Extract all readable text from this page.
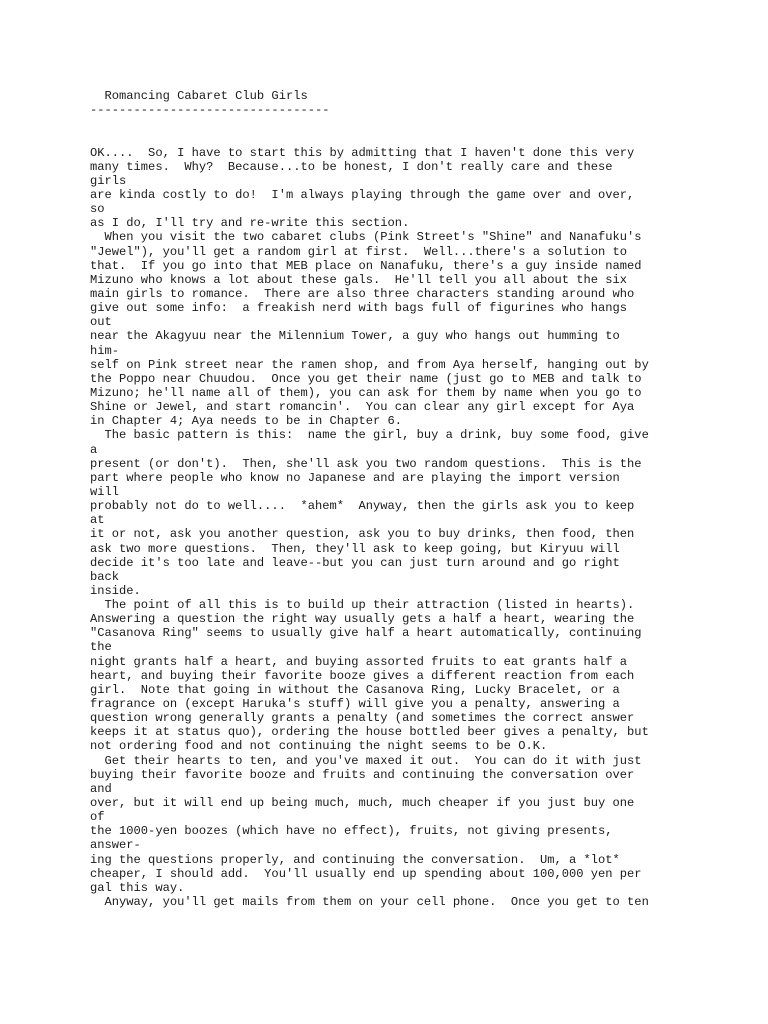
Romancing Cabaret Club Girls
---------------------------------
OK....  So, I have to start this by admitting that I haven't done this very
many times.  Why?  Because...to be honest, I don't really care and these
girls
are kinda costly to do!  I'm always playing through the game over and over,
so
as I do, I'll try and re-write this section.
When you visit the two cabaret clubs (Pink Street's "Shine" and Nanafuku's
"Jewel"), you'll get a random girl at first.  Well...there's a solution to
that.  If you go into that MEB place on Nanafuku, there's a guy inside named
Mizuno who knows a lot about these gals.  He'll tell you all about the six
main girls to romance.  There are also three characters standing around who
give out some info:  a freakish nerd with bags full of figurines who hangs
out
near the Akagyuu near the Milennium Tower, a guy who hangs out humming to
him-
self on Pink street near the ramen shop, and from Aya herself, hanging out by
the Poppo near Chuudou.  Once you get their name (just go to MEB and talk to
Mizuno; he'll name all of them), you can ask for them by name when you go to
Shine or Jewel, and start romancin'.  You can clear any girl except for Aya
in Chapter 4; Aya needs to be in Chapter 6.
The basic pattern is this:  name the girl, buy a drink, buy some food, give
a
present (or don't).  Then, she'll ask you two random questions.  This is the
part where people who know no Japanese and are playing the import version
will
probably not do to well....  *ahem*  Anyway, then the girls ask you to keep
at
it or not, ask you another question, ask you to buy drinks, then food, then
ask two more questions.  Then, they'll ask to keep going, but Kiryuu will
decide it's too late and leave--but you can just turn around and go right
back
inside.
The point of all this is to build up their attraction (listed in hearts).
Answering a question the right way usually gets a half a heart, wearing the
"Casanova Ring" seems to usually give half a heart automatically, continuing
the
night grants half a heart, and buying assorted fruits to eat grants half a
heart, and buying their favorite booze gives a different reaction from each
girl.  Note that going in without the Casanova Ring, Lucky Bracelet, or a
fragrance on (except Haruka's stuff) will give you a penalty, answering a
question wrong generally grants a penalty (and sometimes the correct answer
keeps it at status quo), ordering the house bottled beer gives a penalty, but
not ordering food and not continuing the night seems to be O.K.
Get their hearts to ten, and you've maxed it out.  You can do it with just
buying their favorite booze and fruits and continuing the conversation over
and
over, but it will end up being much, much, much cheaper if you just buy one
of
the 1000-yen boozes (which have no effect), fruits, not giving presents,
answer-
ing the questions properly, and continuing the conversation.  Um, a *lot*
cheaper, I should add.  You'll usually end up spending about 100,000 yen per
gal this way.
Anyway, you'll get mails from them on your cell phone.  Once you get to ten
